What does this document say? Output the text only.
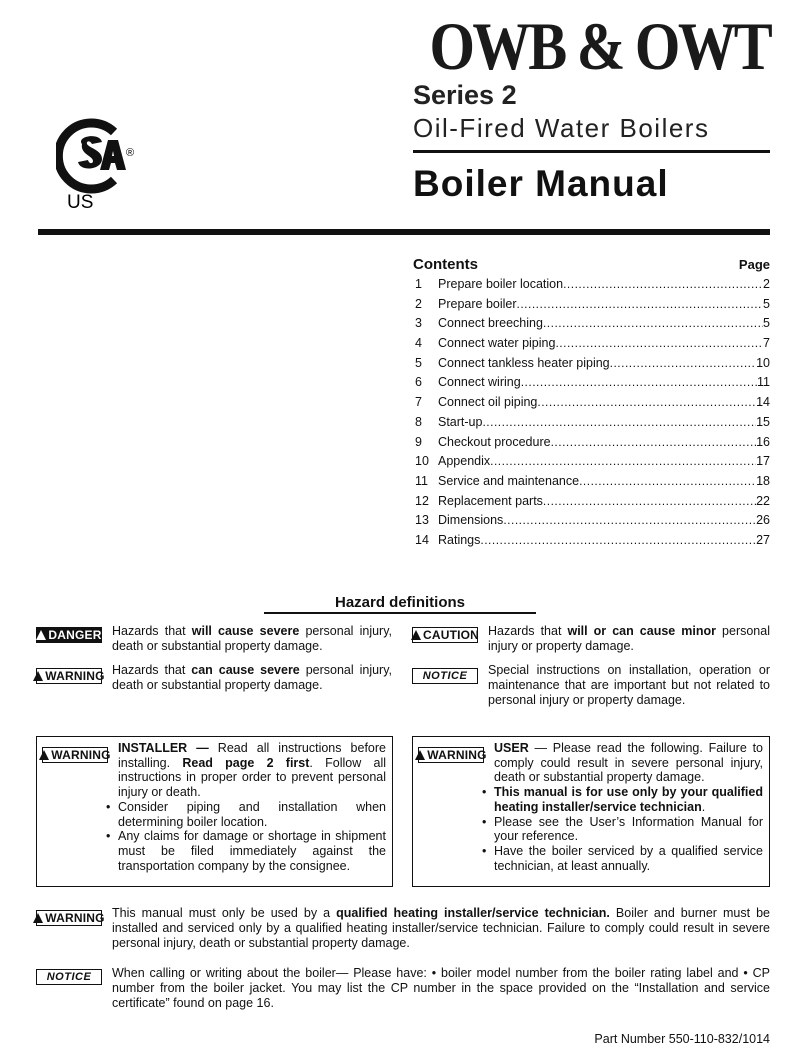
OWB & OWT
Series 2
Oil-Fired Water Boilers
Boiler Manual
®
US
Contents	Page
1	Prepare boiler location .....	2
2	Prepare boiler .....	5
3	Connect breeching .....	5
4	Connect water piping .....	7
5	Connect tankless heater piping .....	10
6	Connect wiring .....	11
7	Connect oil piping .....	14
8	Start-up .....	15
9	Checkout procedure .....	16
10 Appendix .....	17
11 Service and maintenance .....	18
12 Replacement parts .....	22
13 Dimensions .....	26
14 Ratings .....	27
Hazard definitions
DANGER Hazards that will cause severe personal injury, death or substantial property damage.
WARNING Hazards that can cause severe personal injury, death or substantial property damage.
CAUTION Hazards that will or can cause minor personal injury or property damage.
NOTICE Special instructions on installation, operation or maintenance that are important but not related to personal injury or property damage.
WARNING INSTALLER — Read all instructions before installing. Read page 2 first. Follow all instructions in proper order to prevent personal injury or death.

• Consider piping and installation when determining boiler location.
• Any claims for damage or shortage in shipment must be filed immediately against the transportation company by the consignee.
WARNING USER — Please read the following. Failure to comply could result in severe personal injury, death or substantial property damage.

• This manual is for use only by your qualified heating installer/service technician.
• Please see the User’s Information Manual for your reference.
• Have the boiler serviced by a qualified service technician, at least annually.
WARNING This manual must only be used by a qualified heating installer/service technician. Boiler and burner must be installed and serviced only by a qualified heating installer/service technician. Failure to comply could result in severe personal injury, death or substantial property damage.
NOTICE When calling or writing about the boiler— Please have: • boiler model number from the boiler rating label and • CP number from the boiler jacket. You may list the CP number in the space provided on the “Installation and service certificate” found on page 16.
Part Number 550-110-832/1014
